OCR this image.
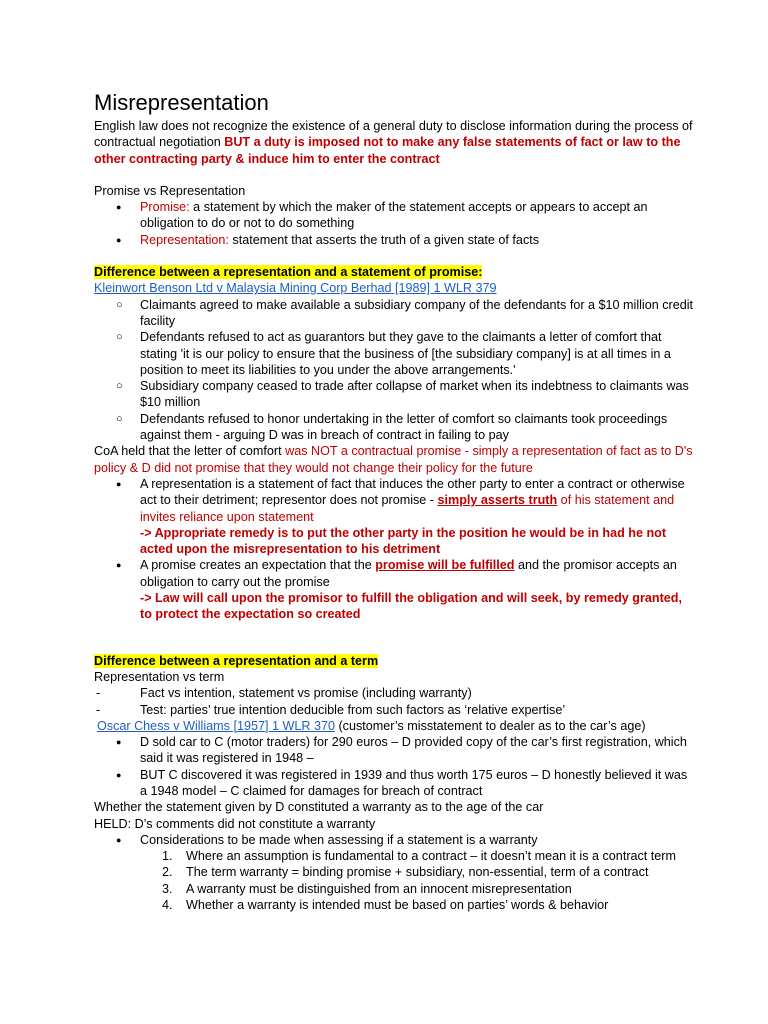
Misrepresentation

English law does not recognize the existence of a general duty to disclose information during the process of contractual negotiation BUT a duty is imposed not to make any false statements of fact or law to the other contracting party & induce him to enter the contract

Promise vs Representation

● Promise: a statement by which the maker of the statement accepts or appears to accept an obligation to do or not to do something
● Representation: statement that asserts the truth of a given state of facts

Difference between a representation and a statement of promise:

Kleinwort Benson Ltd v Malaysia Mining Corp Berhad [1989] 1 WLR 379

○ Claimants agreed to make available a subsidiary company of the defendants for a $10 million credit facility
○ Defendants refused to act as guarantors but they gave to the claimants a letter of comfort that stating 'it is our policy to ensure that the business of [the subsidiary company] is at all times in a position to meet its liabilities to you under the above arrangements.'
○ Subsidiary company ceased to trade after collapse of market when its indebtness to claimants was $10 million
○ Defendants refused to honor undertaking in the letter of comfort so claimants took proceedings against them - arguing D was in breach of contract in failing to pay

CoA held that the letter of comfort was NOT a contractual promise - simply a representation of fact as to D's policy & D did not promise that they would not change their policy for the future

● A representation is a statement of fact that induces the other party to enter a contract or otherwise act to their detriment; representor does not promise - simply asserts truth of his statement and invites reliance upon statement
-> Appropriate remedy is to put the other party in the position he would be in had he not acted upon the misrepresentation to his detriment
● A promise creates an expectation that the promise will be fulfilled and the promisor accepts an obligation to carry out the promise
-> Law will call upon the promisor to fulfill the obligation and will seek, by remedy granted, to protect the expectation so created

Difference between a representation and a term

Representation vs term

-	Fact vs intention, statement vs promise (including warranty)
-	Test: parties’ true intention deducible from such factors as ‘relative expertise’

Oscar Chess v Williams [1957] 1 WLR 370 (customer’s misstatement to dealer as to the car’s age)

● D sold car to C (motor traders) for 290 euros – D provided copy of the car’s first registration, which said it was registered in 1948 –
● BUT C discovered it was registered in 1939 and thus worth 175 euros – D honestly believed it was a 1948 model – C claimed for damages for breach of contract

Whether the statement given by D constituted a warranty as to the age of the car

HELD: D’s comments did not constitute a warranty

● Considerations to be made when assessing if a statement is a warranty
1. Where an assumption is fundamental to a contract – it doesn’t mean it is a contract term
2. The term warranty = binding promise + subsidiary, non-essential, term of a contract
3. A warranty must be distinguished from an innocent misrepresentation
4. Whether a warranty is intended must be based on parties’ words & behavior
